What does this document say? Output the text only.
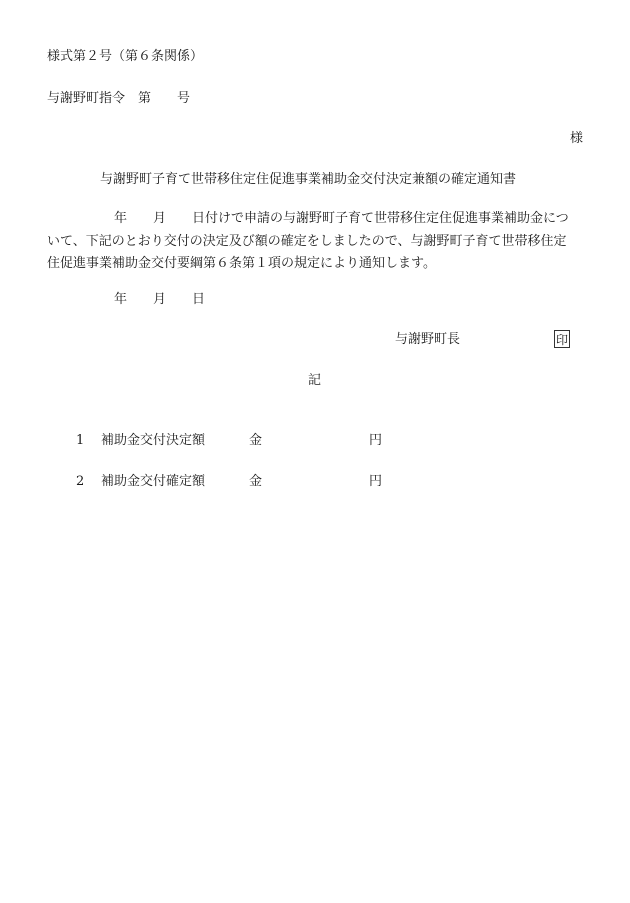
様式第２号（第６条関係）
与謝野町指令 第 号
様
与謝野町子育て世帯移住定住促進事業補助金交付決定兼額の確定通知書
年 月 日付けで申請の与謝野町子育て世帯移住定住促進事業補助金につ
いて、下記のとおり交付の決定及び額の確定をしましたので、与謝野町子育て世帯移住定
住促進事業補助金交付要綱第６条第１項の規定により通知します。
年 月 日
与謝野町長	印
記
1 補助金交付決定額	金	円
2 補助金交付確定額	金	円
